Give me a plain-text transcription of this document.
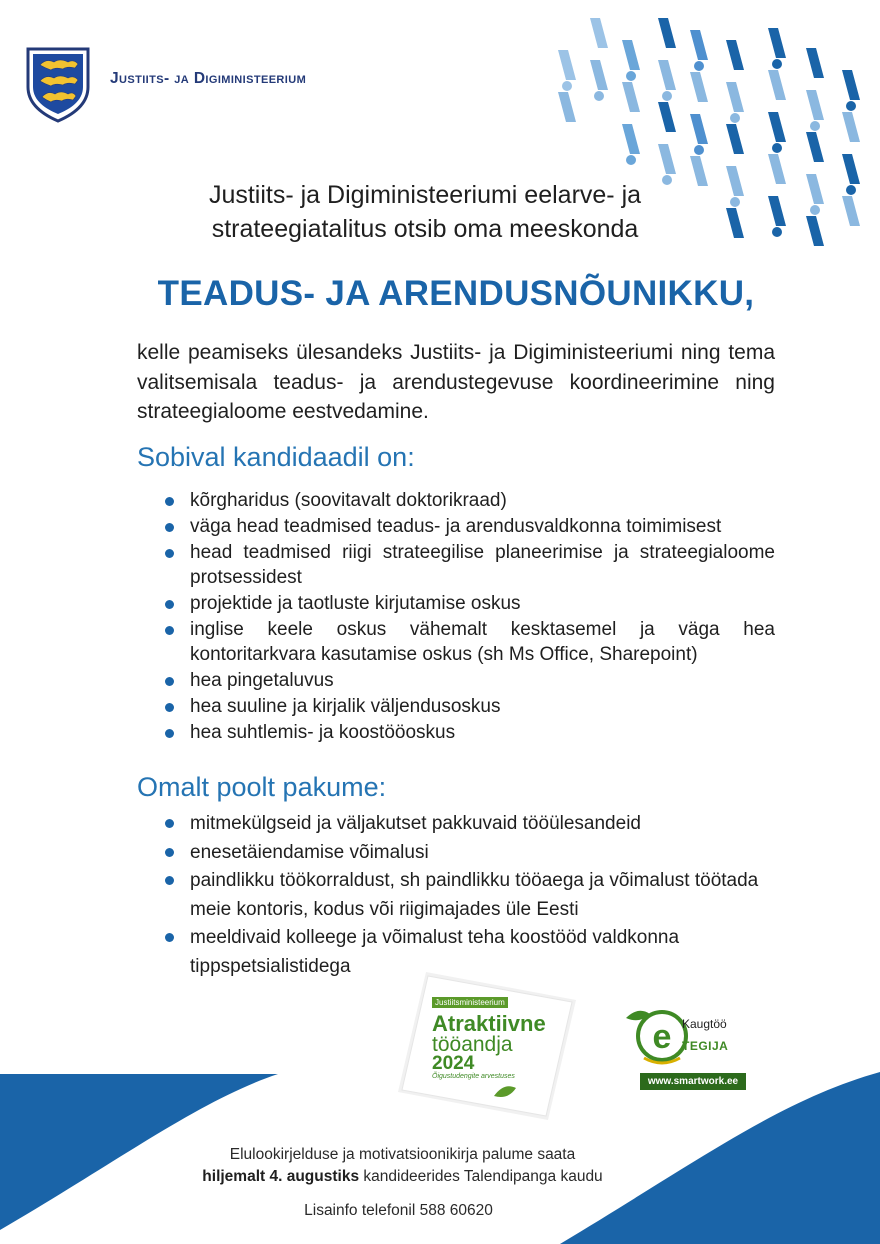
Justiits- ja Digiministeerium
Justiits- ja Digiministeeriumi eelarve- ja
strateegiatalitus otsib oma meeskonda
TEADUS- JA ARENDUSNÕUNIKKU,
kelle peamiseks ülesandeks Justiits- ja Digiministeeriumi ning tema valitsemisala teadus- ja arendustegevuse koordineerimine ning strateegialoome eestvedamine.
Sobival kandidaadil on:
kõrgharidus (soovitavalt doktorikraad)
väga head teadmised teadus- ja arendusvaldkonna toimimisest
head teadmised riigi strateegilise planeerimise ja strateegialoome protsessidest
projektide ja taotluste kirjutamise oskus
inglise keele oskus vähemalt kesktasemel ja väga hea kontoritarkvara kasutamise oskus (sh Ms Office, Sharepoint)
hea pingetaluvus
hea suuline ja kirjalik väljendusoskus
hea suhtlemis- ja koostööoskus
Omalt poolt pakume:
mitmekülgseid ja väljakutset pakkuvaid tööülesandeid
enesetäiendamise võimalusi
paindlikku töökorraldust, sh paindlikku tööaega ja võimalust töötada meie kontoris, kodus või riigimajades üle Eesti
meeldivaid kolleege ja võimalust teha koostööd valdkonna tippspetsialistidega
Justiitsministeerium
Atraktiivne
tööandja
2024
Õigustudengite arvestuses
e Kaugtöö
TEGIJA
www.smartwork.ee
Elulookirjelduse ja motivatsioonikirja palume saata
hiljemalt 4. augustiks kandideerides Talendipanga kaudu
Lisainfo telefonil 588 60620
